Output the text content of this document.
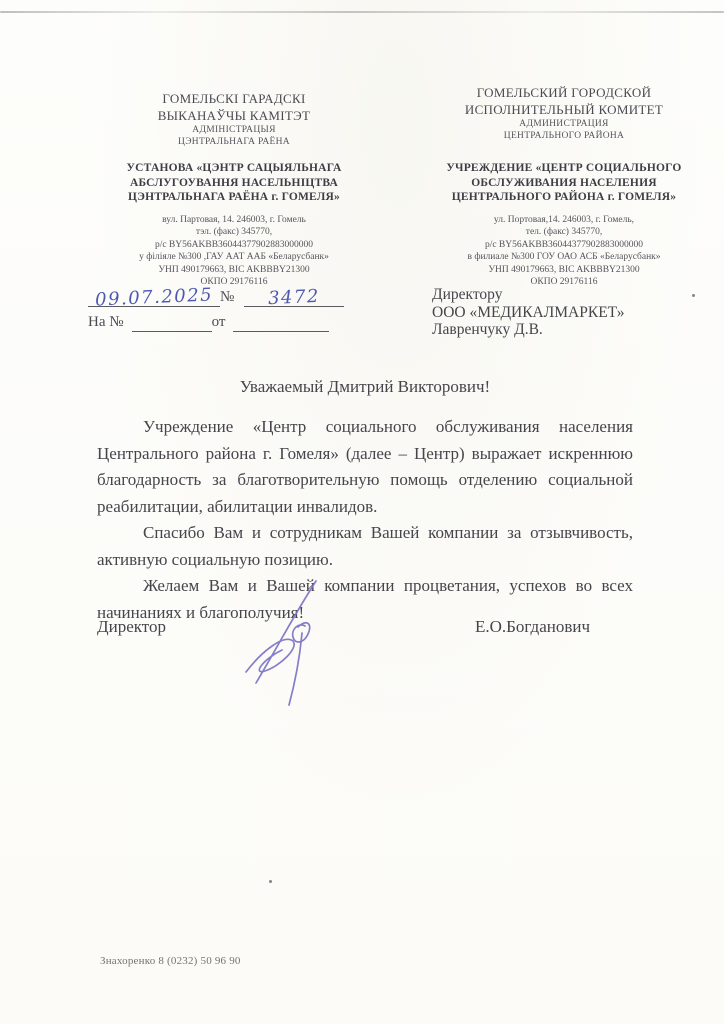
ГОМЕЛЬСКІ ГАРАДСКІ
ВЫКАНАЎЧЫ КАМІТЭТ
АДМІНІСТРАЦЫЯ
ЦЭНТРАЛЬНАГА РАЁНА
УСТАНОВА «ЦЭНТР САЦЫЯЛЬНАГА
АБСЛУГОУВАННЯ НАСЕЛЬНІЦТВА
ЦЭНТРАЛЬНАГА РАЁНА г. ГОМЕЛЯ»
вул. Партовая, 14. 246003, г. Гомель
тэл. (факс) 345770,
р/с BY56AKBB36044377902883000000
у філіяле №300 ,ГАУ ААТ ААБ «Беларусбанк»
УНП 490179663, BIC AKBBBY21300
ОКПО 29176116
ГОМЕЛЬСКИЙ ГОРОДСКОЙ
ИСПОЛНИТЕЛЬНЫЙ КОМИТЕТ
АДМИНИСТРАЦИЯ
ЦЕНТРАЛЬНОГО РАЙОНА
УЧРЕЖДЕНИЕ «ЦЕНТР СОЦИАЛЬНОГО
ОБСЛУЖИВАНИЯ НАСЕЛЕНИЯ
ЦЕНТРАЛЬНОГО РАЙОНА г. ГОМЕЛЯ»
ул. Портовая,14. 246003, г. Гомель,
тел. (факс) 345770,
р/с BY56AKBB36044377902883000000
в филиале №300 ГОУ ОАО АСБ «Беларусбанк»
УНП 490179663, BIC AKBBBY21300
ОКПО 29176116
09.07.2025 №	3472
На №	от
Директору
ООО «МЕДИКАЛМАРКЕТ»
Лавренчуку Д.В.
Уважаемый Дмитрий Викторович!

Учреждение «Центр социального обслуживания населения Центрального района г. Гомеля» (далее – Центр) выражает искреннюю благодарность за благотворительную помощь отделению социальной реабилитации, абилитации инвалидов.

Спасибо Вам и сотрудникам Вашей компании за отзывчивость, активную социальную позицию.

Желаем Вам и Вашей компании процветания, успехов во всех начинаниях и благополучия!

Директор	Е.О.Богданович
Знахоренко 8 (0232) 50 96 90
